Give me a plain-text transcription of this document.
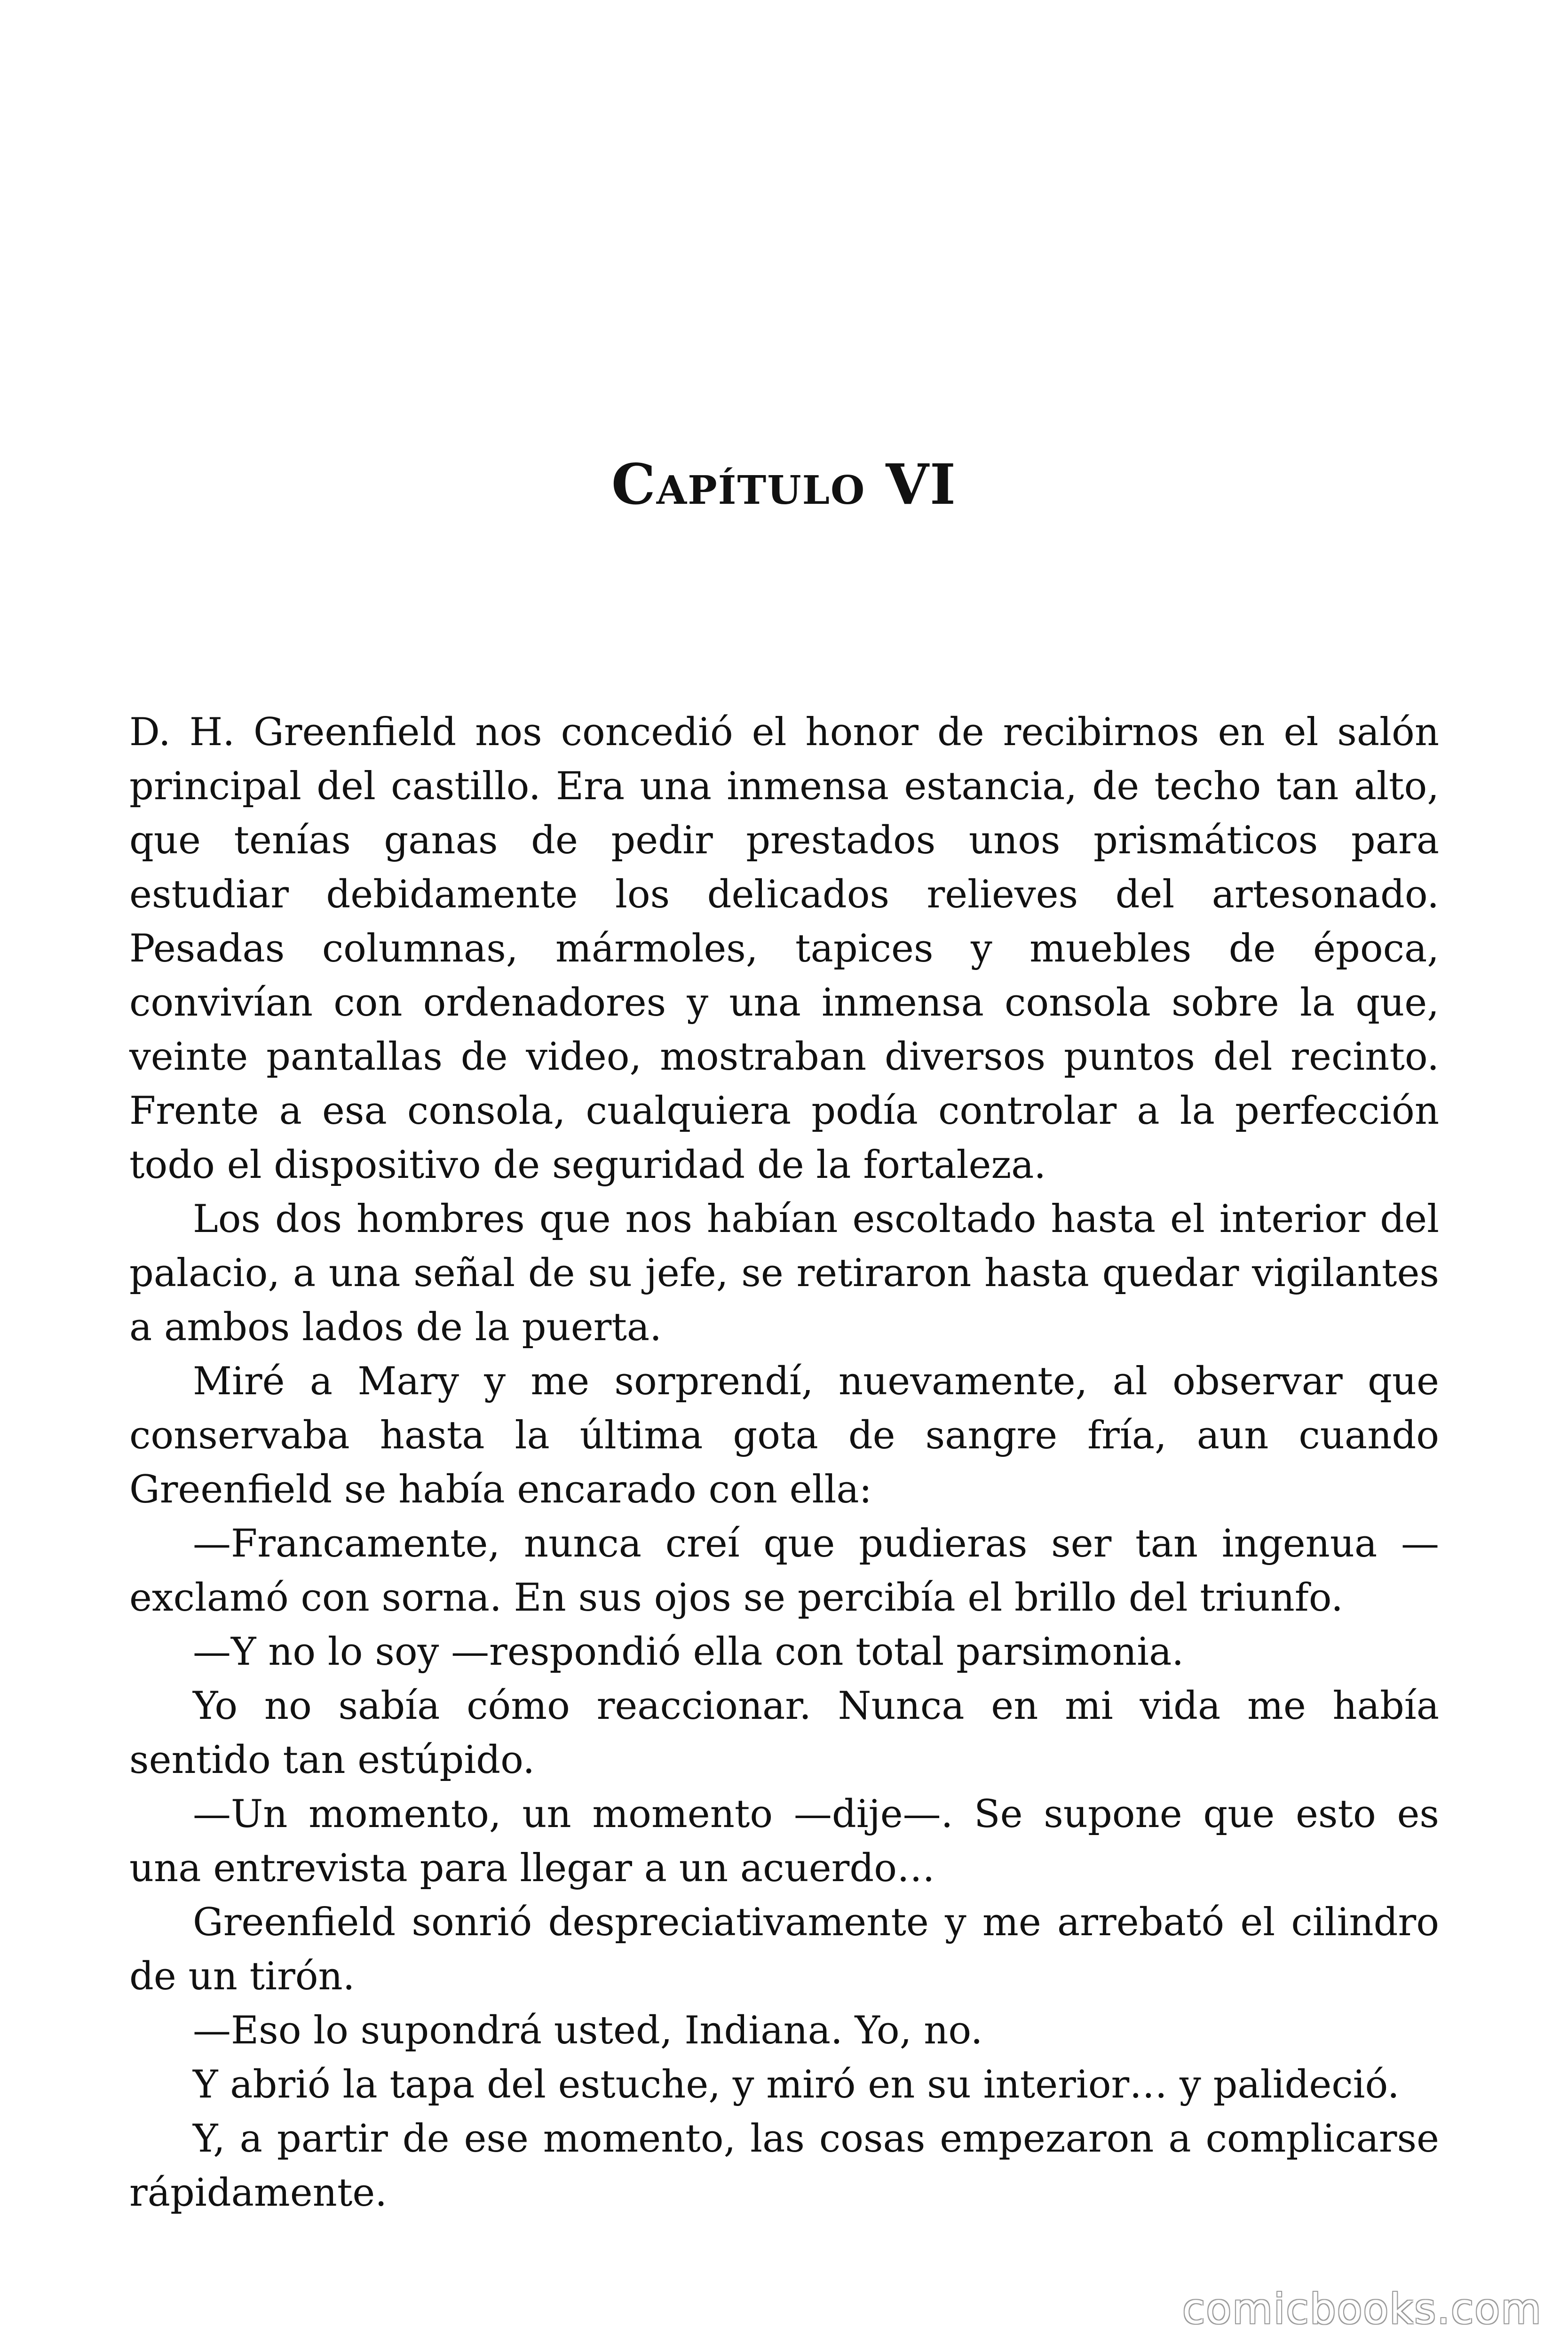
Capítulo VI

D. H. Greenfield nos concedió el honor de recibirnos en el salón principal del castillo. Era una inmensa estancia, de techo tan alto, que tenías ganas de pedir prestados unos prismáticos para estudiar debidamente los delicados relieves del artesonado. Pesadas columnas, mármoles, tapices y muebles de época, convivían con ordenadores y una inmensa consola sobre la que, veinte pantallas de video, mostraban diversos puntos del recinto. Frente a esa consola, cualquiera podía controlar a la perfección todo el dispositivo de seguridad de la fortaleza.

Los dos hombres que nos habían escoltado hasta el interior del palacio, a una señal de su jefe, se retiraron hasta quedar vigilantes a ambos lados de la puerta.

Miré a Mary y me sorprendí, nuevamente, al observar que conservaba hasta la última gota de sangre fría, aun cuando Greenfield se había encarado con ella:

—Francamente, nunca creí que pudieras ser tan ingenua — exclamó con sorna. En sus ojos se percibía el brillo del triunfo.

—Y no lo soy —respondió ella con total parsimonia.

Yo no sabía cómo reaccionar. Nunca en mi vida me había sentido tan estúpido.

—Un momento, un momento —dije—. Se supone que esto es una entrevista para llegar a un acuerdo…

Greenfield sonrió despreciativamente y me arrebató el cilindro de un tirón.

—Eso lo supondrá usted, Indiana. Yo, no.

Y abrió la tapa del estuche, y miró en su interior… y palideció.

Y, a partir de ese momento, las cosas empezaron a complicarse rápidamente.

comicbooks.com
